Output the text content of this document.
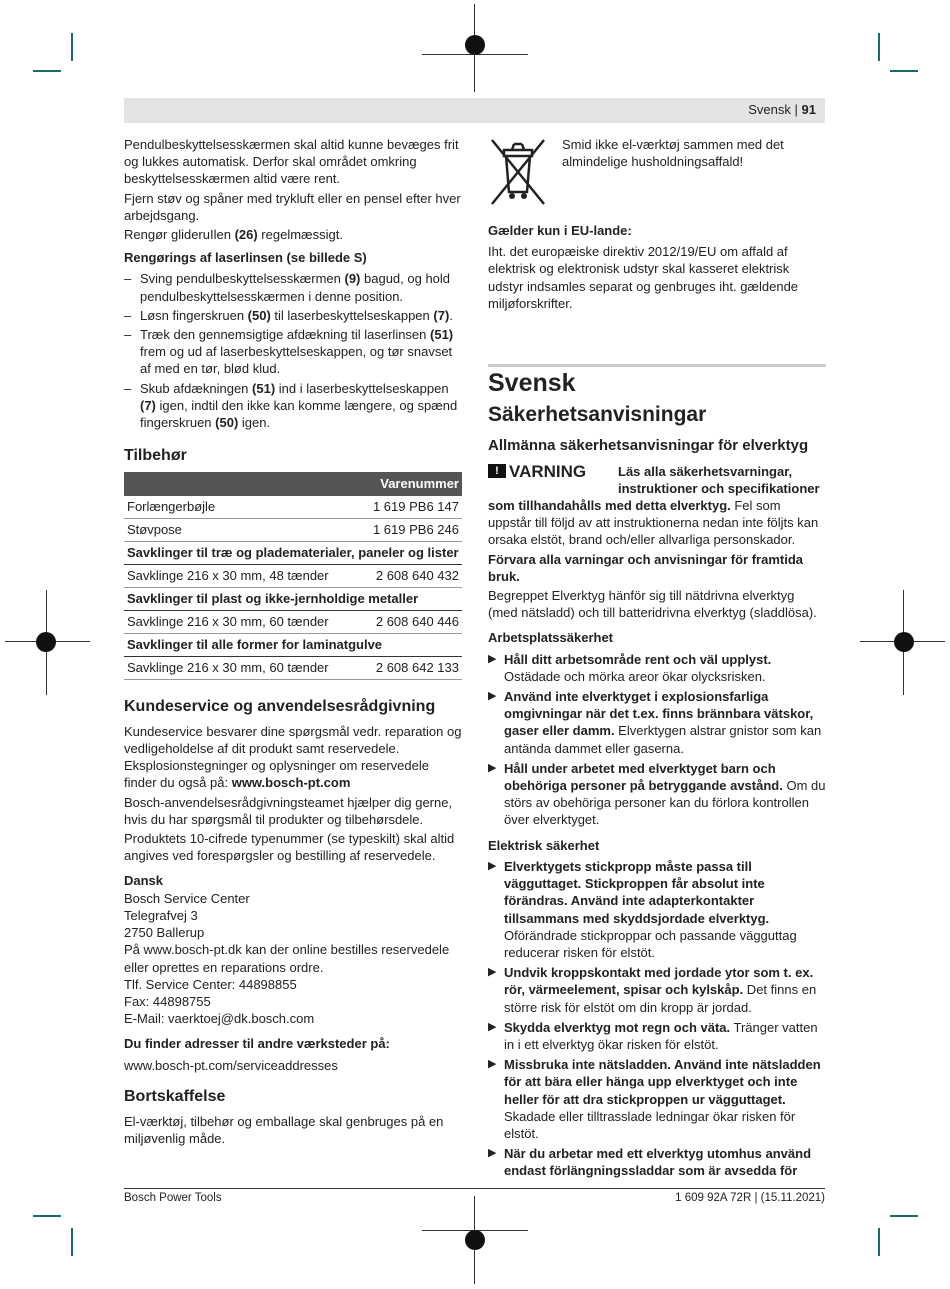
Svensk | 91

Pendulbeskyttelsesskærmen skal altid kunne bevæges frit og lukkes automatisk. Derfor skal området omkring beskyttelsesskærmen altid være rent.

Fjern støv og spåner med trykluft eller en pensel efter hver arbejdsgang.

Rengør glideruIlen (26) regelmæssigt.

Rengørings af laserlinsen (se billede S)
– Sving pendulbeskyttelsesskærmen (9) bagud, og hold pendulbeskyttelsesskærmen i denne position.
– Løsn fingerskruen (50) til laserbeskyttelseskappen (7).
– Træk den gennemsigtige afdækning til laserlinsen (51) frem og ud af laserbeskyttelseskappen, og tør snavset af med en tør, blød klud.
– Skub afdækningen (51) ind i laserbeskyttelseskappen (7) igen, indtil den ikke kan komme længere, og spænd fingerskruen (50) igen.
Tilbehør
Varenummer	
Forlængerbøjle	1 619 PB6 147
Støvpose	1 619 PB6 246
Savklinger til træ og pladematerialer, paneler og lister	
Savklinge 216 x 30 mm, 48 tænder	2 608 640 432
Savklinger til plast og ikke-jernholdige metaller	
Savklinge 216 x 30 mm, 60 tænder	2 608 640 446
Savklinger til alle former for laminatgulve	
Savklinge 216 x 30 mm, 60 tænder	2 608 642 133
Kundeservice og anvendelsesrådgivning

Kundeservice besvarer dine spørgsmål vedr. reparation og vedligeholdelse af dit produkt samt reservedele. Eksplosionstegninger og oplysninger om reservedele finder du også på: www.bosch-pt.com

Bosch-anvendelsesrådgivningsteamet hjælper dig gerne, hvis du har spørgsmål til produkter og tilbehørsdele.

Produktets 10-cifrede typenummer (se typeskilt) skal altid angives ved forespørgsler og bestilling af reservedele.

Dansk
Bosch Service Center
Telegrafvej 3
2750 Ballerup
På www.bosch-pt.dk kan der online bestilles reservedele eller oprettes en reparations ordre.
Tlf. Service Center: 44898855
Fax: 44898755
E-Mail: vaerktoej@dk.bosch.com
Du finder adresser til andre værksteder på:
www.bosch-pt.com/serviceaddresses
Bortskaffelse

El-værktøj, tilbehør og emballage skal genbruges på en miljøvenlig måde.

Smid ikke el-værktøj sammen med det almindelige husholdningsaffald!

Gælder kun i EU-lande:

Iht. det europæiske direktiv 2012/19/EU om affald af elektrisk og elektronisk udstyr skal kasseret elektrisk udstyr indsamles separat og genbruges iht. gældende miljøforskrifter.

Svensk
Säkerhetsanvisningar
Allmänna säkerhetsanvisningar för elverktyg
! VARNING Läs alla säkerhetsvarningar, instruktioner och specifikationer

som tillhandahålls med detta elverktyg. Fel som uppstår till följd av att instruktionerna nedan inte följts kan orsaka elstöt, brand och/eller allvarliga personskador.

Förvara alla varningar och anvisningar för framtida bruk.

Begreppet Elverktyg hänför sig till nätdrivna elverktyg (med nätsladd) och till batteridrivna elverktyg (sladdlösa).

Arbetsplatssäkerhet
▶ Håll ditt arbetsområde rent och väl upplyst. Ostädade och mörka areor ökar olycksrisken.
▶ Använd inte elverktyget i explosionsfarliga omgivningar när det t.ex. finns brännbara vätskor, gaser eller damm. Elverktygen alstrar gnistor som kan antända dammet eller gaserna.
▶ Håll under arbetet med elverktyget barn och obehöriga personer på betryggande avstånd. Om du störs av obehöriga personer kan du förlora kontrollen över elverktyget.
Elektrisk säkerhet
▶ Elverktygets stickpropp måste passa till vägguttaget. Stickproppen får absolut inte förändras. Använd inte adapterkontakter tillsammans med skyddsjordade elverktyg. Oförändrade stickproppar och passande vägguttag reducerar risken för elstöt.
▶ Undvik kroppskontakt med jordade ytor som t. ex. rör, värmeelement, spisar och kylskåp. Det finns en större risk för elstöt om din kropp är jordad.
▶ Skydda elverktyg mot regn och väta. Tränger vatten in i ett elverktyg ökar risken för elstöt.
▶ Missbruka inte nätsladden. Använd inte nätsladden för att bära eller hänga upp elverktyget och inte heller för att dra stickproppen ur vägguttaget. Skadade eller tilltrasslade ledningar ökar risken för elstöt.
▶ När du arbetar med ett elverktyg utomhus använd endast förlängningssladdar som är avsedda för
Bosch Power Tools	1 609 92A 72R | (15.11.2021)
